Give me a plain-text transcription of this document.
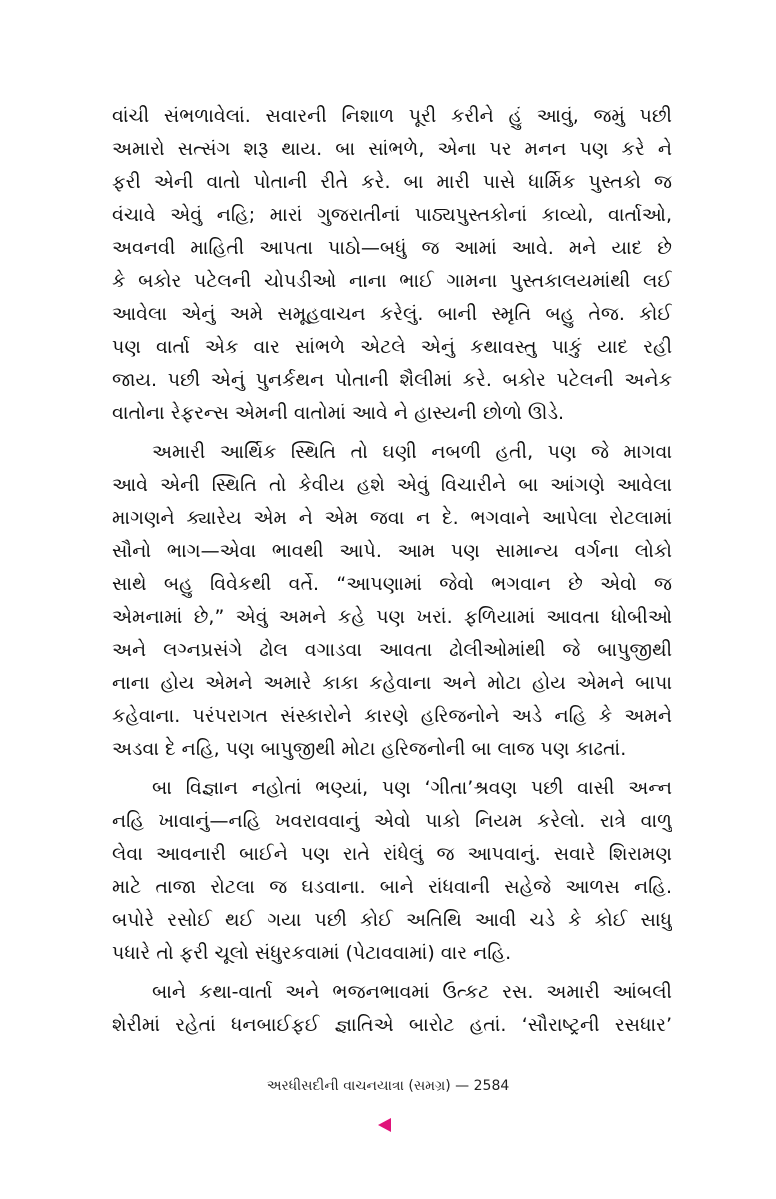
વાંચી સંભળાવેલાં. સવારની નિશાળ પૂરી કરીને હું આવું, જમું પછી
અમારો સત્સંગ શરૂ થાય. બા સાંભળે, એના પર મનન પણ કરે ને
ફરી એની વાતો પોતાની રીતે કરે. બા મારી પાસે ધાર્મિક પુસ્તકો જ
વંચાવે એવું નહિ; મારાં ગુજરાતીનાં પાઠ્યપુસ્તકોનાં કાવ્યો, વાર્તાઓ,
અવનવી માહિતી આપતા પાઠો—બધું જ આમાં આવે. મને યાદ છે
કે બકોર પટેલની ચોપડીઓ નાના ભાઈ ગામના પુસ્તકાલયમાંથી લઈ
આવેલા એનું અમે સમૂહવાચન કરેલું. બાની સ્મૃતિ બહુ તેજ. કોઈ
પણ વાર્તા એક વાર સાંભળે એટલે એનું કથાવસ્તુ પાકું યાદ રહી
જાય. પછી એનું પુનર્કથન પોતાની શૈલીમાં કરે. બકોર પટેલની અનેક
વાતોના રેફરન્સ એમની વાતોમાં આવે ને હાસ્યની છોળો ઊડે.

અમારી આર્થિક સ્થિતિ તો ઘણી નબળી હતી, પણ જે માગવા
આવે એની સ્થિતિ તો કેવીય હશે એવું વિચારીને બા આંગણે આવેલા
માગણને ક્યારેય એમ ને એમ જવા ન દે. ભગવાને આપેલા રોટલામાં
સૌનો ભાગ—એવા ભાવથી આપે. આમ પણ સામાન્ય વર્ગના લોકો
સાથે બહુ વિવેકથી વર્તે. “આપણામાં જેવો ભગવાન છે એવો જ
એમનામાં છે,” એવું અમને કહે પણ ખરાં. ફળિયામાં આવતા ધોબીઓ
અને લગ્નપ્રસંગે ઢોલ વગાડવા આવતા ઢોલીઓમાંથી જે બાપુજીથી
નાના હોય એમને અમારે કાકા કહેવાના અને મોટા હોય એમને બાપા
કહેવાના. પરંપરાગત સંસ્કારોને કારણે હરિજનોને અડે નહિ કે અમને
અડવા દે નહિ, પણ બાપુજીથી મોટા હરિજનોની બા લાજ પણ કાઢતાં.

બા વિજ્ઞાન નહોતાં ભણ્યાં, પણ ‘ગીતા’શ્રવણ પછી વાસી અન્ન
નહિ ખાવાનું—નહિ ખવરાવવાનું એવો પાકો નિયમ કરેલો. રાત્રે વાળુ
લેવા આવનારી બાઈને પણ રાતે રાંધેલું જ આપવાનું. સવારે શિરામણ
માટે તાજા રોટલા જ ઘડવાના. બાને રાંધવાની સહેજે આળસ નહિ.
બપોરે રસોઈ થઈ ગયા પછી કોઈ અતિથિ આવી ચડે કે કોઈ સાધુ
પધારે તો ફરી ચૂલો સંધુરકવામાં (પેટાવવામાં) વાર નહિ.

બાને કથા-વાર્તા અને ભજનભાવમાં ઉત્કટ રસ. અમારી આંબલી
શેરીમાં રહેતાં ધનબાઈફઈ જ્ઞાતિએ બારોટ હતાં. ‘સૌરાષ્ટ્રની રસધાર’

અરધીસદીની વાચનયાત્રા (સમગ્ર) — 2584
